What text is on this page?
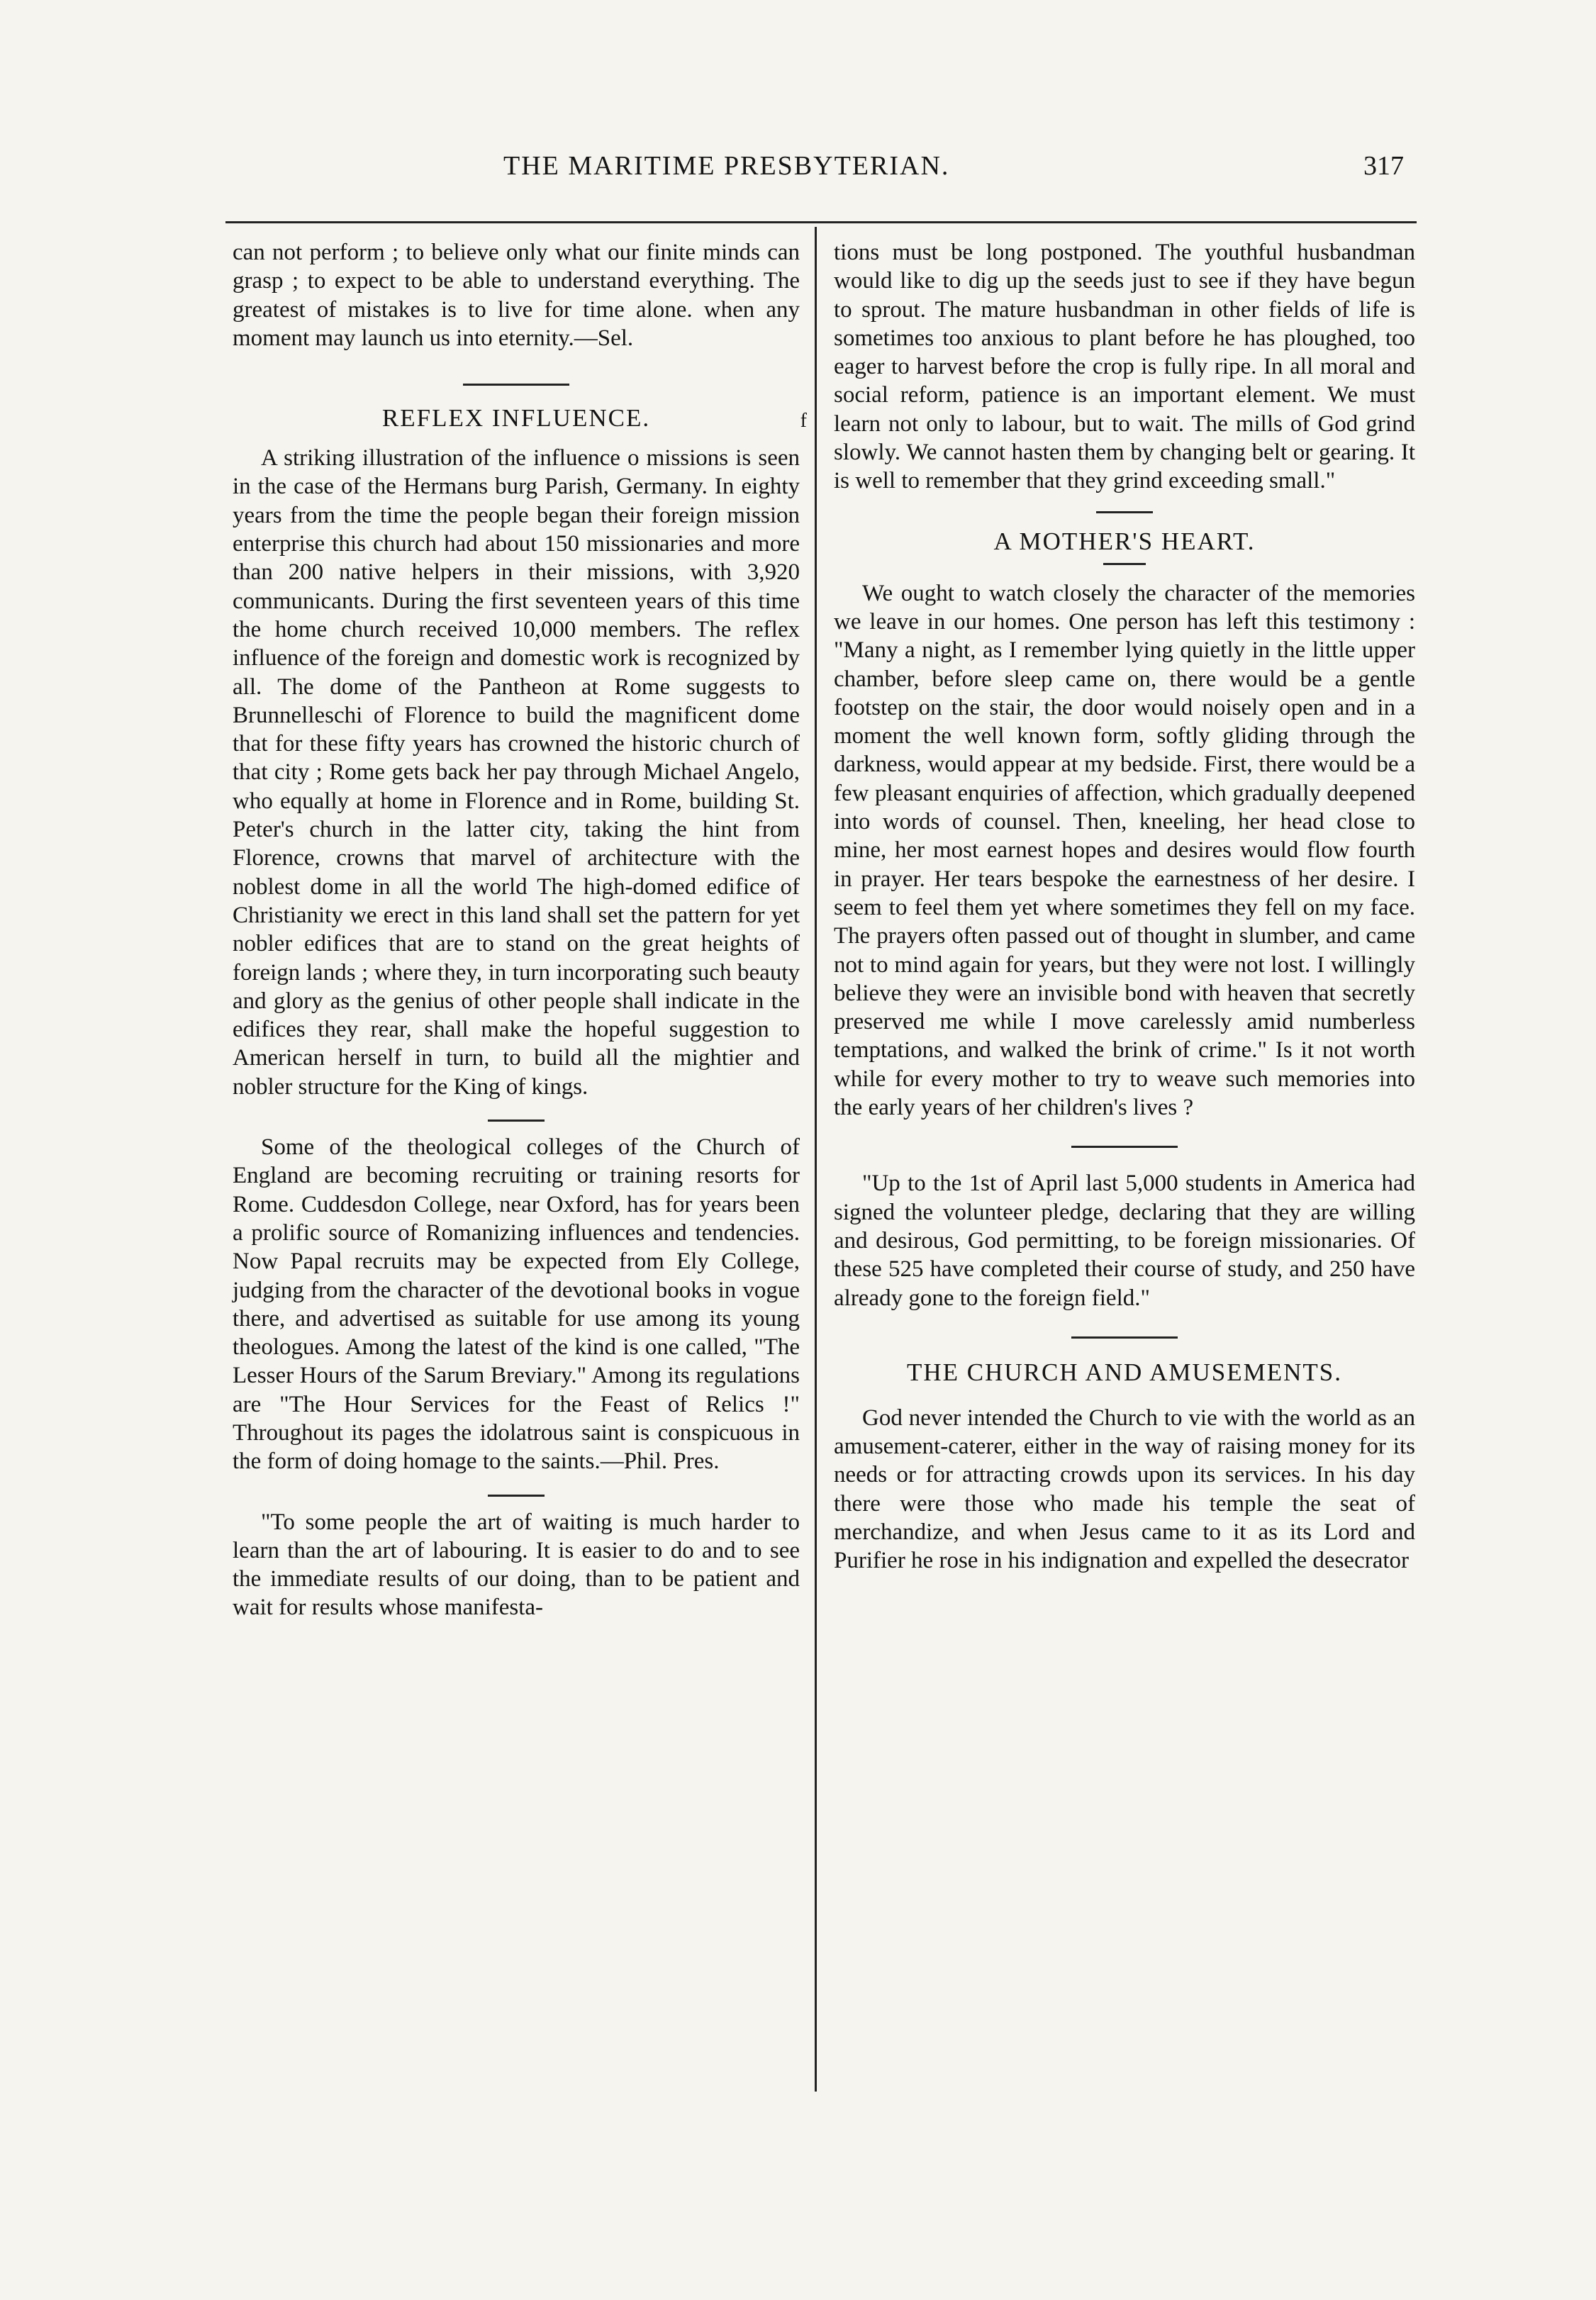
THE MARITIME PRESBYTERIAN.	317

can not perform ; to believe only what our finite minds can grasp ; to expect to be able to understand everything. The greatest of mistakes is to live for time alone. when any moment may launch us into eternity.—Sel.

REFLEX INFLUENCE.	f

A striking illustration of the influence o missions is seen in the case of the Hermans burg Parish, Germany. In eighty years from the time the people began their foreign mission enterprise this church had about 150 missionaries and more than 200 native helpers in their missions, with 3,920 communicants. During the first seventeen years of this time the home church received 10,000 members. The reflex influence of the foreign and domestic work is recognized by all. The dome of the Pantheon at Rome suggests to Brunnelleschi of Florence to build the magnificent dome that for these fifty years has crowned the historic church of that city ; Rome gets back her pay through Michael Angelo, who equally at home in Florence and in Rome, building St. Peter's church in the latter city, taking the hint from Florence, crowns that marvel of architecture with the noblest dome in all the world The high-domed edifice of Christianity we erect in this land shall set the pattern for yet nobler edifices that are to stand on the great heights of foreign lands ; where they, in turn incorporating such beauty and glory as the genius of other people shall indicate in the edifices they rear, shall make the hopeful suggestion to American herself in turn, to build all the mightier and nobler structure for the King of kings.

Some of the theological colleges of the Church of England are becoming recruiting or training resorts for Rome. Cuddesdon College, near Oxford, has for years been a prolific source of Romanizing influences and tendencies. Now Papal recruits may be expected from Ely College, judging from the character of the devotional books in vogue there, and advertised as suitable for use among its young theologues. Among the latest of the kind is one called, "The Lesser Hours of the Sarum Breviary." Among its regulations are "The Hour Services for the Feast of Relics !" Throughout its pages the idolatrous saint is conspicuous in the form of doing homage to the saints.—Phil. Pres.

"To some people the art of waiting is much harder to learn than the art of labouring. It is easier to do and to see the immediate results of our doing, than to be patient and wait for results whose manifesta-

tions must be long postponed. The youthful husbandman would like to dig up the seeds just to see if they have begun to sprout. The mature husbandman in other fields of life is sometimes too anxious to plant before he has ploughed, too eager to harvest before the crop is fully ripe. In all moral and social reform, patience is an important element. We must learn not only to labour, but to wait. The mills of God grind slowly. We cannot hasten them by changing belt or gearing. It is well to remember that they grind exceeding small."

A MOTHER'S HEART.

We ought to watch closely the character of the memories we leave in our homes. One person has left this testimony : "Many a night, as I remember lying quietly in the little upper chamber, before sleep came on, there would be a gentle footstep on the stair, the door would noisely open and in a moment the well known form, softly gliding through the darkness, would appear at my bedside. First, there would be a few pleasant enquiries of affection, which gradually deepened into words of counsel. Then, kneeling, her head close to mine, her most earnest hopes and desires would flow fourth in prayer. Her tears bespoke the earnestness of her desire. I seem to feel them yet where sometimes they fell on my face. The prayers often passed out of thought in slumber, and came not to mind again for years, but they were not lost. I willingly believe they were an invisible bond with heaven that secretly preserved me while I move carelessly amid numberless temptations, and walked the brink of crime." Is it not worth while for every mother to try to weave such memories into the early years of her children's lives ?

"Up to the 1st of April last 5,000 students in America had signed the volunteer pledge, declaring that they are willing and desirous, God permitting, to be foreign missionaries. Of these 525 have completed their course of study, and 250 have already gone to the foreign field."

THE CHURCH AND AMUSEMENTS.

God never intended the Church to vie with the world as an amusement-caterer, either in the way of raising money for its needs or for attracting crowds upon its services. In his day there were those who made his temple the seat of merchandize, and when Jesus came to it as its Lord and Purifier he rose in his indignation and expelled the desecrator
